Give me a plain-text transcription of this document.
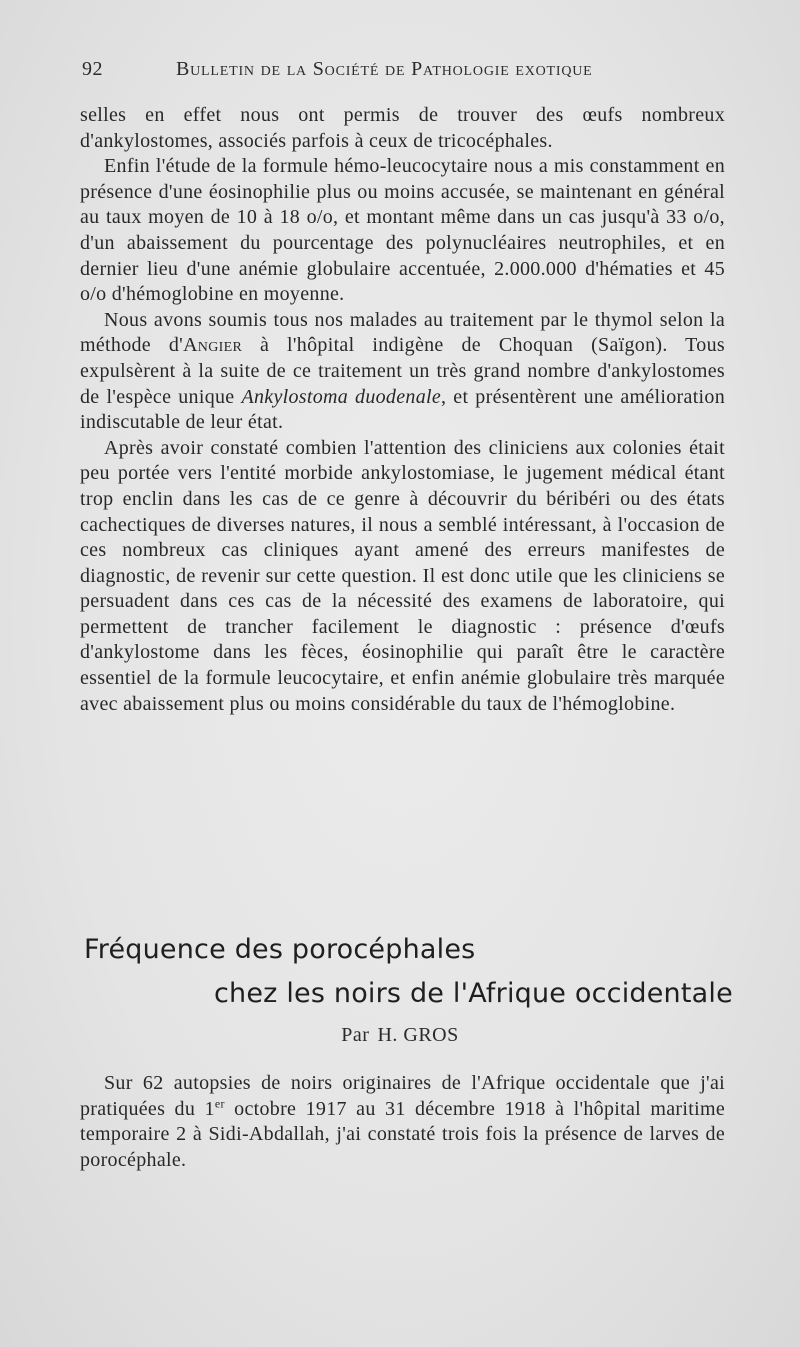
92	Bulletin de la Société de Pathologie exotique

selles en effet nous ont permis de trouver des œufs nombreux d'ankylostomes, associés parfois à ceux de tricocéphales.

Enfin l'étude de la formule hémo-leucocytaire nous a mis constamment en présence d'une éosinophilie plus ou moins accusée, se maintenant en général au taux moyen de 10 à 18 o/o, et montant même dans un cas jusqu'à 33 o/o, d'un abaissement du pourcentage des polynucléaires neutrophiles, et en dernier lieu d'une anémie globulaire accentuée, 2.000.000 d'hématies et 45 o/o d'hémoglobine en moyenne.

Nous avons soumis tous nos malades au traitement par le thymol selon la méthode d'Angier à l'hôpital indigène de Choquan (Saïgon). Tous expulsèrent à la suite de ce traitement un très grand nombre d'ankylostomes de l'espèce unique Ankylostoma duodenale, et présentèrent une amélioration indiscutable de leur état.

Après avoir constaté combien l'attention des cliniciens aux colonies était peu portée vers l'entité morbide ankylostomiase, le jugement médical étant trop enclin dans les cas de ce genre à découvrir du béribéri ou des états cachectiques de diverses natures, il nous a semblé intéressant, à l'occasion de ces nombreux cas cliniques ayant amené des erreurs manifestes de diagnostic, de revenir sur cette question. Il est donc utile que les cliniciens se persuadent dans ces cas de la nécessité des examens de laboratoire, qui permettent de trancher facilement le diagnostic : présence d'œufs d'ankylostome dans les fèces, éosinophilie qui paraît être le caractère essentiel de la formule leucocytaire, et enfin anémie globulaire très marquée avec abaissement plus ou moins considérable du taux de l'hémoglobine.

Fréquence des porocéphales
chez les noirs de l'Afrique occidentale
Par H. GROS

Sur 62 autopsies de noirs originaires de l'Afrique occidentale que j'ai pratiquées du 1er octobre 1917 au 31 décembre 1918 à l'hôpital maritime temporaire 2 à Sidi-Abdallah, j'ai constaté trois fois la présence de larves de porocéphale.
